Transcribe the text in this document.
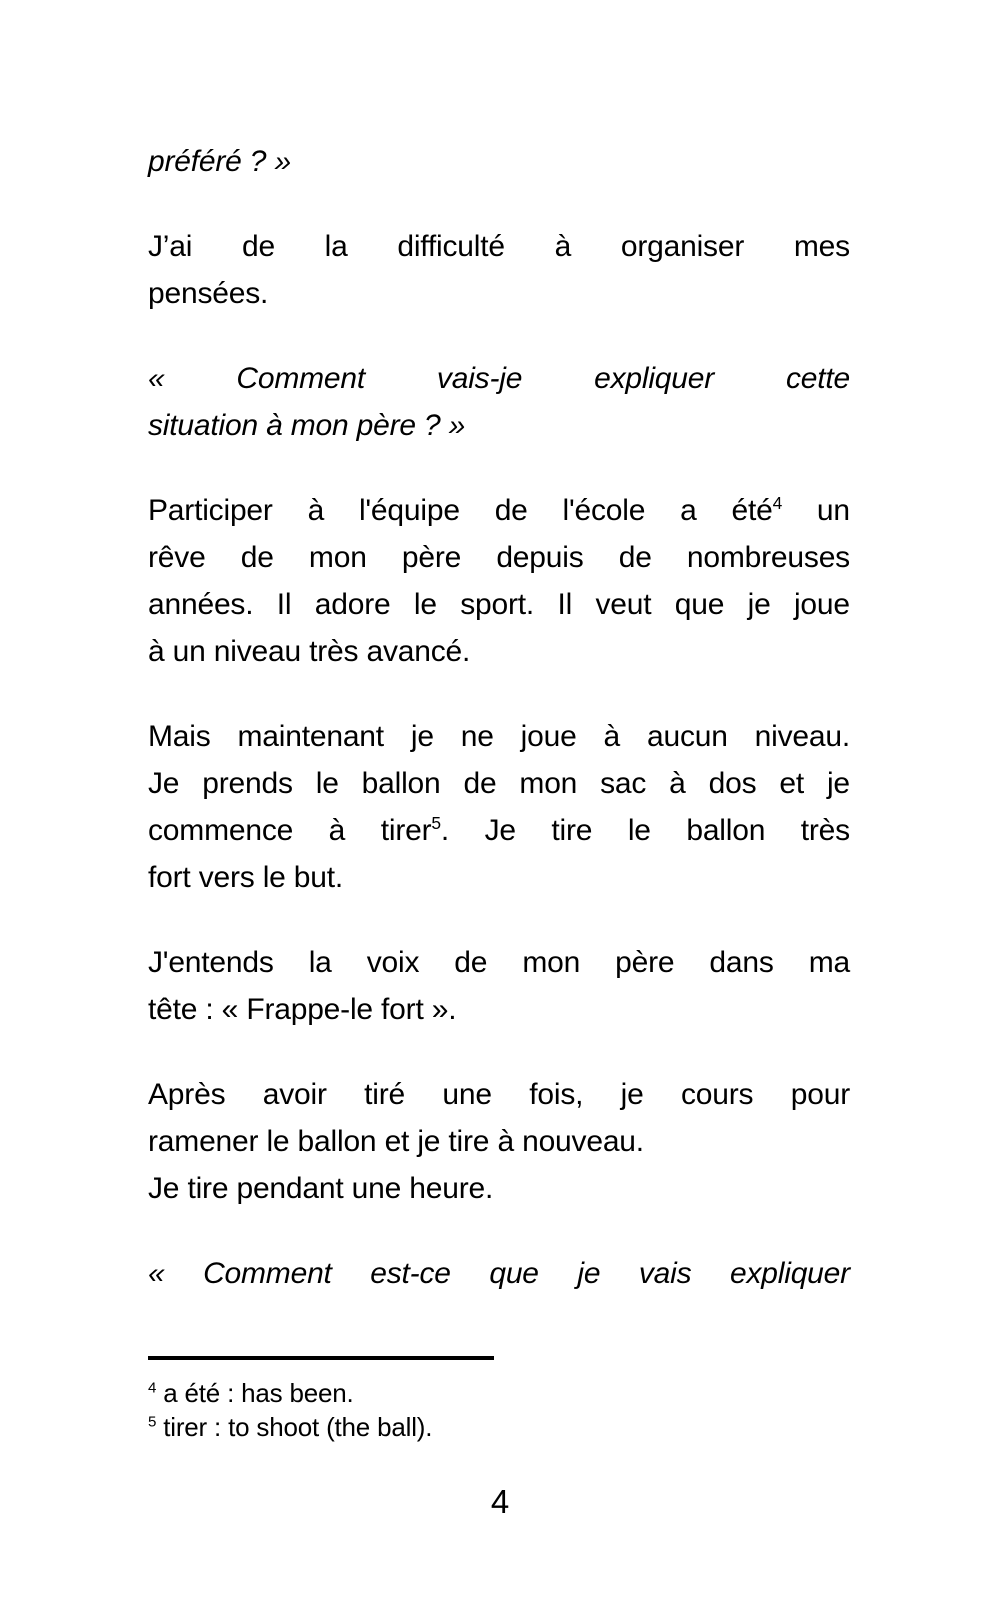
préféré ? »
J’ai de la difficulté à organiser mes
pensées.
« Comment vais-je expliquer cette
situation à mon père ? »
Participer à l'équipe de l'école a été$^4$ un
rêve de mon père depuis de nombreuses
années. Il adore le sport. Il veut que je joue
à un niveau très avancé.
Mais maintenant je ne joue à aucun niveau.
Je prends le ballon de mon sac à dos et je
commence à tirer$^5$. Je tire le ballon très
fort vers le but.
J'entends la voix de mon père dans ma
tête : « Frappe-le fort ».
Après avoir tiré une fois, je cours pour
ramener le ballon et je tire à nouveau.
Je tire pendant une heure.
« Comment est-ce que je vais expliquer
$^4$ a été : has been.
$^5$ tirer : to shoot (the ball).
4
